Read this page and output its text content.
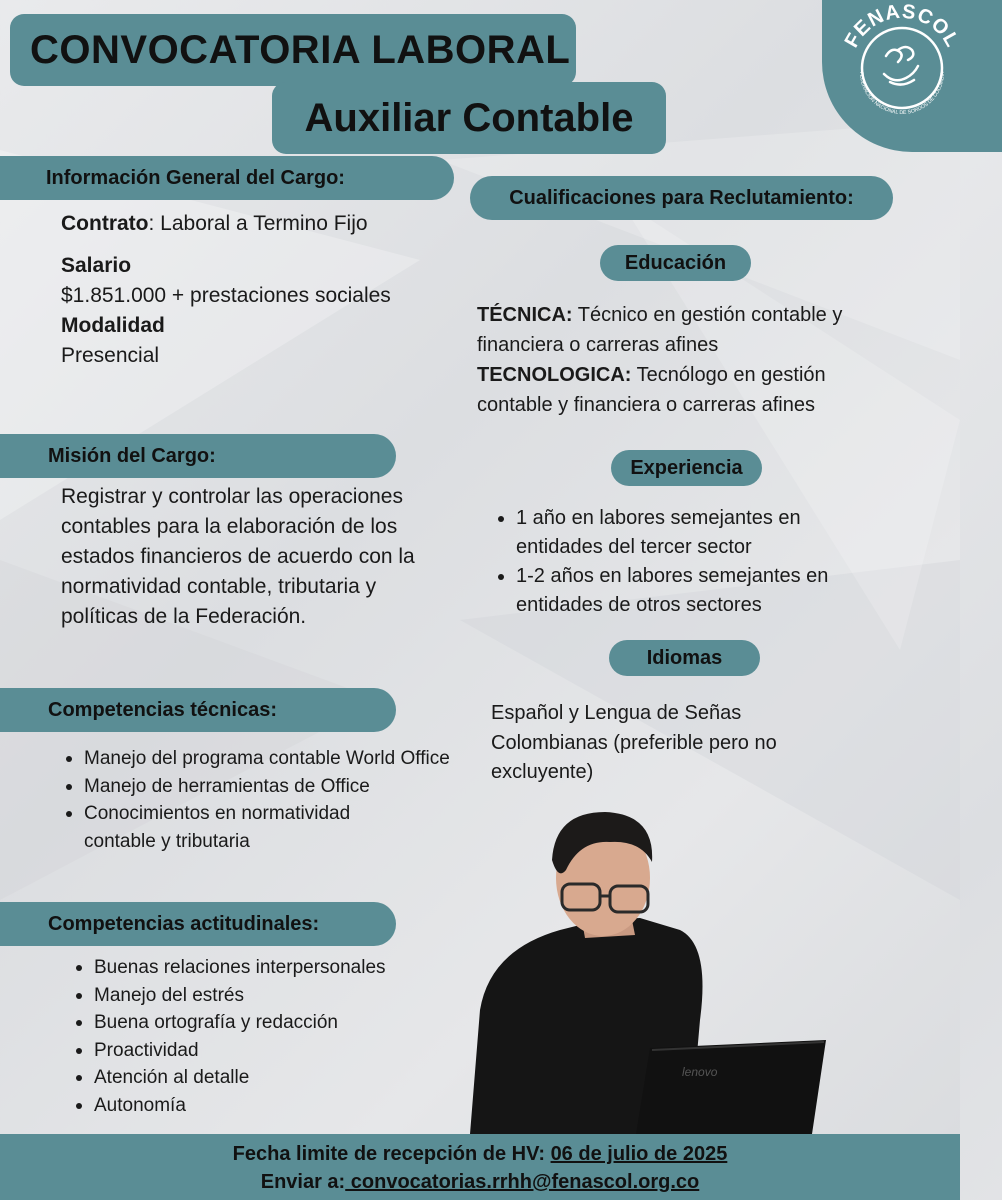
CONVOCATORIA LABORAL
Auxiliar Contable
FENASCOL
FEDERACIÓN NACIONAL DE SORDOS DE COLOMBIA
Información General del Cargo:
Contrato: Laboral a Termino Fijo
Salario
$1.851.000 + prestaciones sociales
Modalidad
Presencial
Misión del Cargo:
Registrar y controlar las operaciones contables para la elaboración de los estados financieros de acuerdo con la normatividad contable, tributaria y políticas de la Federación.
Competencias técnicas:
Manejo del programa contable World Office
Manejo de herramientas de Office
Conocimientos en normatividad contable y tributaria
Competencias actitudinales:
Buenas relaciones interpersonales
Manejo del estrés
Buena ortografía y redacción
Proactividad
Atención al detalle
Autonomía
Cualificaciones para Reclutamiento:
Educación
TÉCNICA: Técnico en gestión contable y financiera o carreras afines
TECNOLOGICA: Tecnólogo en gestión contable y financiera o carreras afines
Experiencia
1 año en labores semejantes en entidades del tercer sector
1-2 años en labores semejantes en entidades de otros sectores
Idiomas
Español y Lengua de Señas Colombianas (preferible pero no excluyente)
lenovo
Fecha limite de recepción de HV: 06 de julio de 2025
Enviar a: convocatorias.rrhh@fenascol.org.co
